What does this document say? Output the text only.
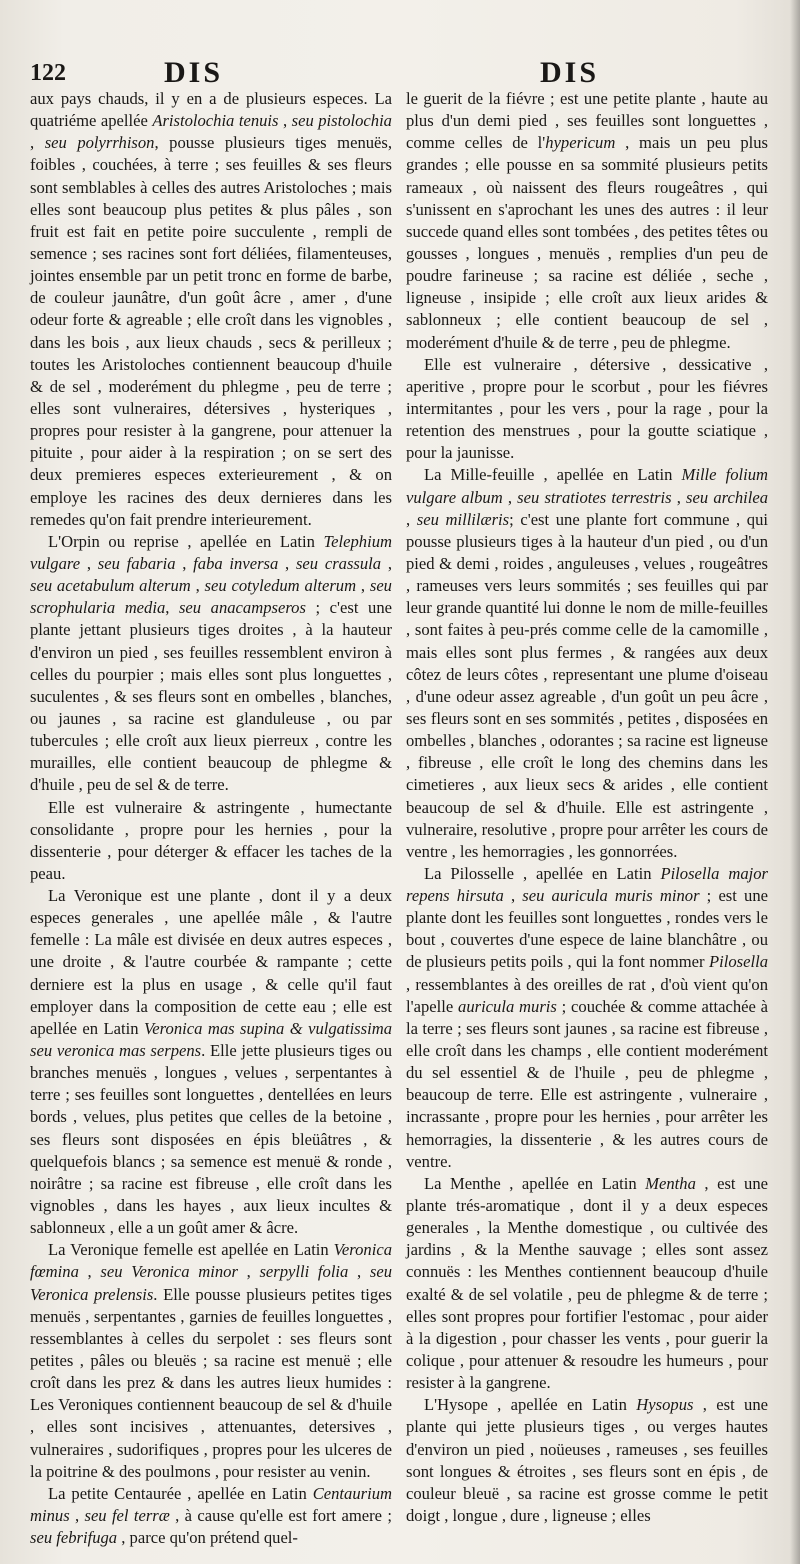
122	DIS	DIS

aux pays chauds, il y en a de plusieurs especes. La quatriéme apellée Aristolochia tenuis , seu pistolochia , seu polyrrhison, pousse plusieurs tiges menuës, foibles , couchées, à terre ; ses feuilles & ses fleurs sont semblables à celles des autres Aristoloches ; mais elles sont beaucoup plus petites & plus pâles , son fruit est fait en petite poire succulente , rempli de semence ; ses racines sont fort déliées, filamenteuses, jointes ensemble par un petit tronc en forme de barbe, de couleur jaunâtre, d'un goût âcre , amer , d'une odeur forte & agreable ; elle croît dans les vignobles , dans les bois , aux lieux chauds , secs & perilleux ; toutes les Aristoloches contiennent beaucoup d'huile & de sel , moderément du phlegme , peu de terre ; elles sont vulneraires, détersives , hysteriques , propres pour resister à la gangrene, pour attenuer la pituite , pour aider à la respiration ; on se sert des deux premieres especes exterieurement , & on employe les racines des deux dernieres dans les remedes qu'on fait prendre interieurement.

L'Orpin ou reprise , apellée en Latin Telephium vulgare , seu fabaria , faba inversa , seu crassula , seu acetabulum alterum , seu cotyledum alterum , seu scrophularia media, seu anacampseros ; c'est une plante jettant plusieurs tiges droites , à la hauteur d'environ un pied , ses feuilles ressemblent environ à celles du pourpier ; mais elles sont plus longuettes , suculentes , & ses fleurs sont en ombelles , blanches, ou jaunes , sa racine est glanduleuse , ou par tubercules ; elle croît aux lieux pierreux , contre les murailles, elle contient beaucoup de phlegme & d'huile , peu de sel & de terre.

Elle est vulneraire & astringente , humectante consolidante , propre pour les hernies , pour la dissenterie , pour déterger & effacer les taches de la peau.

La Veronique est une plante , dont il y a deux especes generales , une apellée mâle , & l'autre femelle : La mâle est divisée en deux autres especes , une droite , & l'autre courbée & rampante ; cette derniere est la plus en usage , & celle qu'il faut employer dans la composition de cette eau ; elle est apellée en Latin Veronica mas supina & vulgatissima seu veronica mas serpens. Elle jette plusieurs tiges ou branches menuës , longues , velues , serpentantes à terre ; ses feuilles sont longuettes , dentellées en leurs bords , velues, plus petites que celles de la betoine , ses fleurs sont disposées en épis bleüâtres , & quelquefois blancs ; sa semence est menuë & ronde , noirâtre ; sa racine est fibreuse , elle croît dans les vignobles , dans les hayes , aux lieux incultes & sablonneux , elle a un goût amer & âcre.

La Veronique femelle est apellée en Latin Veronica fœmina , seu Veronica minor , serpylli folia , seu Veronica prelensis. Elle pousse plusieurs petites tiges menuës , serpentantes , garnies de feuilles longuettes , ressemblantes à celles du serpolet : ses fleurs sont petites , pâles ou bleuës ; sa racine est menuë ; elle croît dans les prez & dans les autres lieux humides : Les Veroniques contiennent beaucoup de sel & d'huile , elles sont incisives , attenuantes, detersives , vulneraires , sudorifiques , propres pour les ulceres de la poitrine & des poulmons , pour resister au venin.

La petite Centaurée , apellée en Latin Centaurium minus , seu fel terræ , à cause qu'elle est fort amere ; seu febrifuga , parce qu'on prétend quel-

le guerit de la fiévre ; est une petite plante , haute au plus d'un demi pied , ses feuilles sont longuettes , comme celles de l'hypericum , mais un peu plus grandes ; elle pousse en sa sommité plusieurs petits rameaux , où naissent des fleurs rougeâtres , qui s'unissent en s'aprochant les unes des autres : il leur succede quand elles sont tombées , des petites têtes ou gousses , longues , menuës , remplies d'un peu de poudre farineuse ; sa racine est déliée , seche , ligneuse , insipide ; elle croît aux lieux arides & sablonneux ; elle contient beaucoup de sel , moderément d'huile & de terre , peu de phlegme.

Elle est vulneraire , détersive , dessicative , aperitive , propre pour le scorbut , pour les fiévres intermitantes , pour les vers , pour la rage , pour la retention des menstrues , pour la goutte sciatique , pour la jaunisse.

La Mille-feuille , apellée en Latin Mille folium vulgare album , seu stratiotes terrestris , seu archilea , seu millilæris; c'est une plante fort commune , qui pousse plusieurs tiges à la hauteur d'un pied , ou d'un pied & demi , roides , anguleuses , velues , rougeâtres , rameuses vers leurs sommités ; ses feuilles qui par leur grande quantité lui donne le nom de mille-feuilles , sont faites à peu-prés comme celle de la camomille , mais elles sont plus fermes , & rangées aux deux côtez de leurs côtes , representant une plume d'oiseau , d'une odeur assez agreable , d'un goût un peu âcre , ses fleurs sont en ses sommités , petites , disposées en ombelles , blanches , odorantes ; sa racine est ligneuse , fibreuse , elle croît le long des chemins dans les cimetieres , aux lieux secs & arides , elle contient beaucoup de sel & d'huile. Elle est astringente , vulneraire, resolutive , propre pour arrêter les cours de ventre , les hemorragies , les gonnorrées.

La Pilosselle , apellée en Latin Pilosella major repens hirsuta , seu auricula muris minor ; est une plante dont les feuilles sont longuettes , rondes vers le bout , couvertes d'une espece de laine blanchâtre , ou de plusieurs petits poils , qui la font nommer Pilosella , ressemblantes à des oreilles de rat , d'où vient qu'on l'apelle auricula muris ; couchée & comme attachée à la terre ; ses fleurs sont jaunes , sa racine est fibreuse , elle croît dans les champs , elle contient moderément du sel essentiel & de l'huile , peu de phlegme , beaucoup de terre. Elle est astringente , vulneraire , incrassante , propre pour les hernies , pour arrêter les hemorragies, la dissenterie , & les autres cours de ventre.

La Menthe , apellée en Latin Mentha , est une plante trés-aromatique , dont il y a deux especes generales , la Menthe domestique , ou cultivée des jardins , & la Menthe sauvage ; elles sont assez connuës : les Menthes contiennent beaucoup d'huile exalté & de sel volatile , peu de phlegme & de terre ; elles sont propres pour fortifier l'estomac , pour aider à la digestion , pour chasser les vents , pour guerir la colique , pour attenuer & resoudre les humeurs , pour resister à la gangrene.

L'Hysope , apellée en Latin Hysopus , est une plante qui jette plusieurs tiges , ou verges hautes d'environ un pied , noüeuses , rameuses , ses feuilles sont longues & étroites , ses fleurs sont en épis , de couleur bleuë , sa racine est grosse comme le petit doigt , longue , dure , ligneuse ; elles
